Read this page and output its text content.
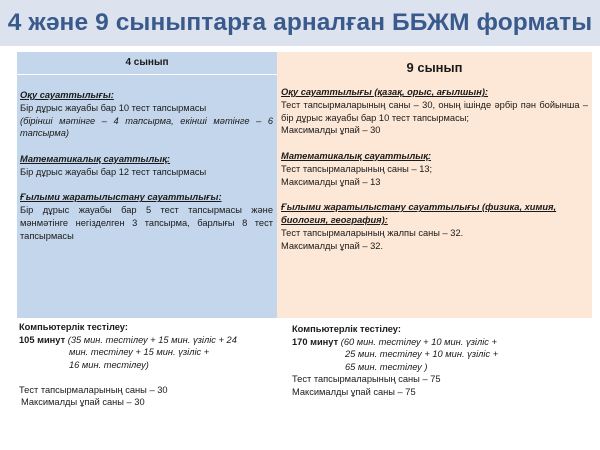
4 және 9 сыныптарға арналған ББЖМ форматы
4 сынып
Оқу сауаттылығы:
Бір дұрыс жауабы бар 10 тест тапсырмасы
(бірінші мәтінге – 4 тапсырма, екінші мәтінге – 6 тапсырма)
Математикалық сауаттылық:
Бір дұрыс жауабы бар 12 тест тапсырмасы
Ғылыми жаратылыстану сауаттылығы:
Бір дұрыс жауабы бар 5 тест тапсырмасы және мәнмәтінге негізделген 3 тапсырма, барлығы 8 тест тапсырмасы
9 сынып
Оқу сауаттылығы (қазақ, орыс, ағылшын):
Тест тапсырмаларының саны – 30, оның ішінде әрбір пән бойынша – бір дұрыс жауабы бар 10 тест тапсырмасы;
Максималды ұпай – 30
Математикалық сауаттылық:
Тест тапсырмаларының саны – 13;
Максималды ұпай – 13
Ғылыми жаратылыстану сауаттылығы (физика, химия, биология, география):
Тест тапсырмаларының жалпы саны – 32.
Максималды ұпай – 32.
Компьютерлік тестілеу:
105 минут
(35 мин. тестілеу + 15 мин. үзіліс + 24
мин. тестілеу + 15 мин. үзіліс +
16 мин. тестілеу)
Тест тапсырмаларының саны – 30
Максималды ұпай саны – 30
Компьютерлік тестілеу:
170 минут
(60 мин. тестілеу + 10 мин. үзіліс +
25 мин. тестілеу + 10 мин. үзіліс +
65 мин. тестілеу )
Тест тапсырмаларының саны – 75
Максималды ұпай саны – 75
